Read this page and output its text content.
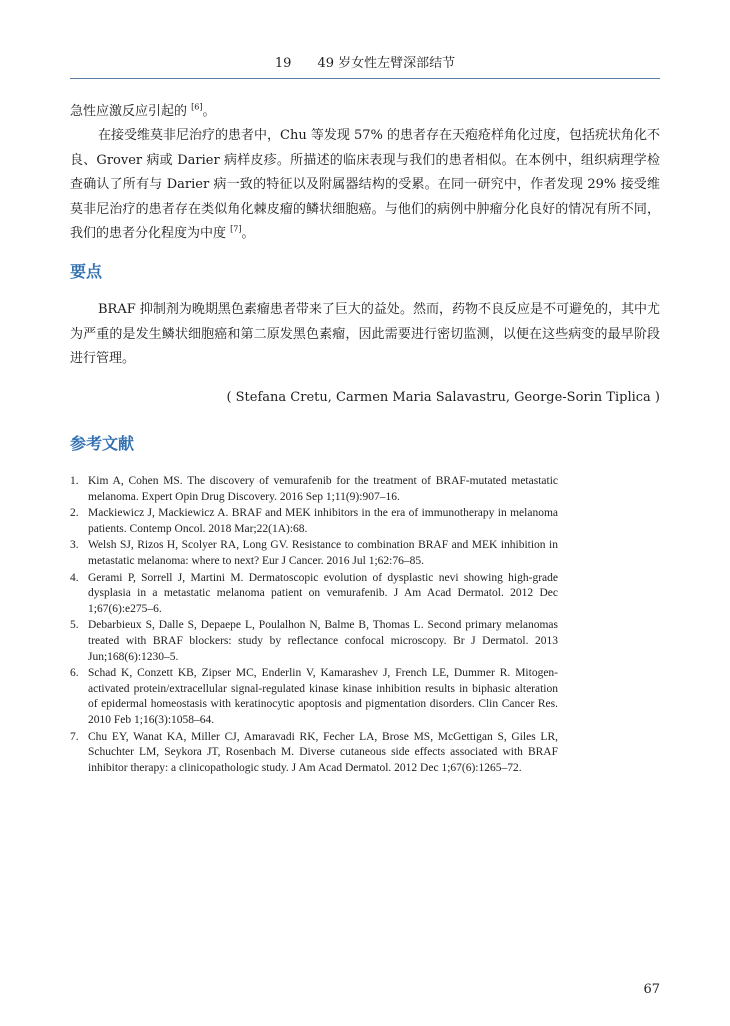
19 49 岁女性左臂深部结节

急性应激反应引起的 [6]。

在接受维莫非尼治疗的患者中，Chu 等发现 57% 的患者存在天疱疮样角化过度，包括疣状角化不良、Grover 病或 Darier 病样皮疹。所描述的临床表现与我们的患者相似。在本例中，组织病理学检查确认了所有与 Darier 病一致的特征以及附属器结构的受累。在同一研究中，作者发现 29% 接受维莫非尼治疗的患者存在类似角化棘皮瘤的鳞状细胞癌。与他们的病例中肿瘤分化良好的情况有所不同，我们的患者分化程度为中度 [7]。

要点

BRAF 抑制剂为晚期黑色素瘤患者带来了巨大的益处。然而，药物不良反应是不可避免的，其中尤为严重的是发生鳞状细胞癌和第二原发黑色素瘤，因此需要进行密切监测，以便在这些病变的最早阶段进行管理。

( Stefana Cretu, Carmen Maria Salavastru, George-Sorin Tiplica )
参考文献
1. Kim A, Cohen MS. The discovery of vemurafenib for the treatment of BRAF-mutated metastatic melanoma. Expert Opin Drug Discovery. 2016 Sep 1;11(9):907–16.
2. Mackiewicz J, Mackiewicz A. BRAF and MEK inhibitors in the era of immunotherapy in melanoma patients. Contemp Oncol. 2018 Mar;22(1A):68.
3. Welsh SJ, Rizos H, Scolyer RA, Long GV. Resistance to combination BRAF and MEK inhibition in metastatic melanoma: where to next? Eur J Cancer. 2016 Jul 1;62:76–85.
4. Gerami P, Sorrell J, Martini M. Dermatoscopic evolution of dysplastic nevi showing high-grade dysplasia in a metastatic melanoma patient on vemurafenib. J Am Acad Dermatol. 2012 Dec 1;67(6):e275–6.
5. Debarbieux S, Dalle S, Depaepe L, Poulalhon N, Balme B, Thomas L. Second primary melanomas treated with BRAF blockers: study by reflectance confocal microscopy. Br J Dermatol. 2013 Jun;168(6):1230–5.
6. Schad K, Conzett KB, Zipser MC, Enderlin V, Kamarashev J, French LE, Dummer R. Mitogen-activated protein/extracellular signal-regulated kinase kinase inhibition results in biphasic alteration of epidermal homeostasis with keratinocytic apoptosis and pigmentation disorders. Clin Cancer Res. 2010 Feb 1;16(3):1058–64.
7. Chu EY, Wanat KA, Miller CJ, Amaravadi RK, Fecher LA, Brose MS, McGettigan S, Giles LR, Schuchter LM, Seykora JT, Rosenbach M. Diverse cutaneous side effects associated with BRAF inhibitor therapy: a clinicopathologic study. J Am Acad Dermatol. 2012 Dec 1;67(6):1265–72.
67
